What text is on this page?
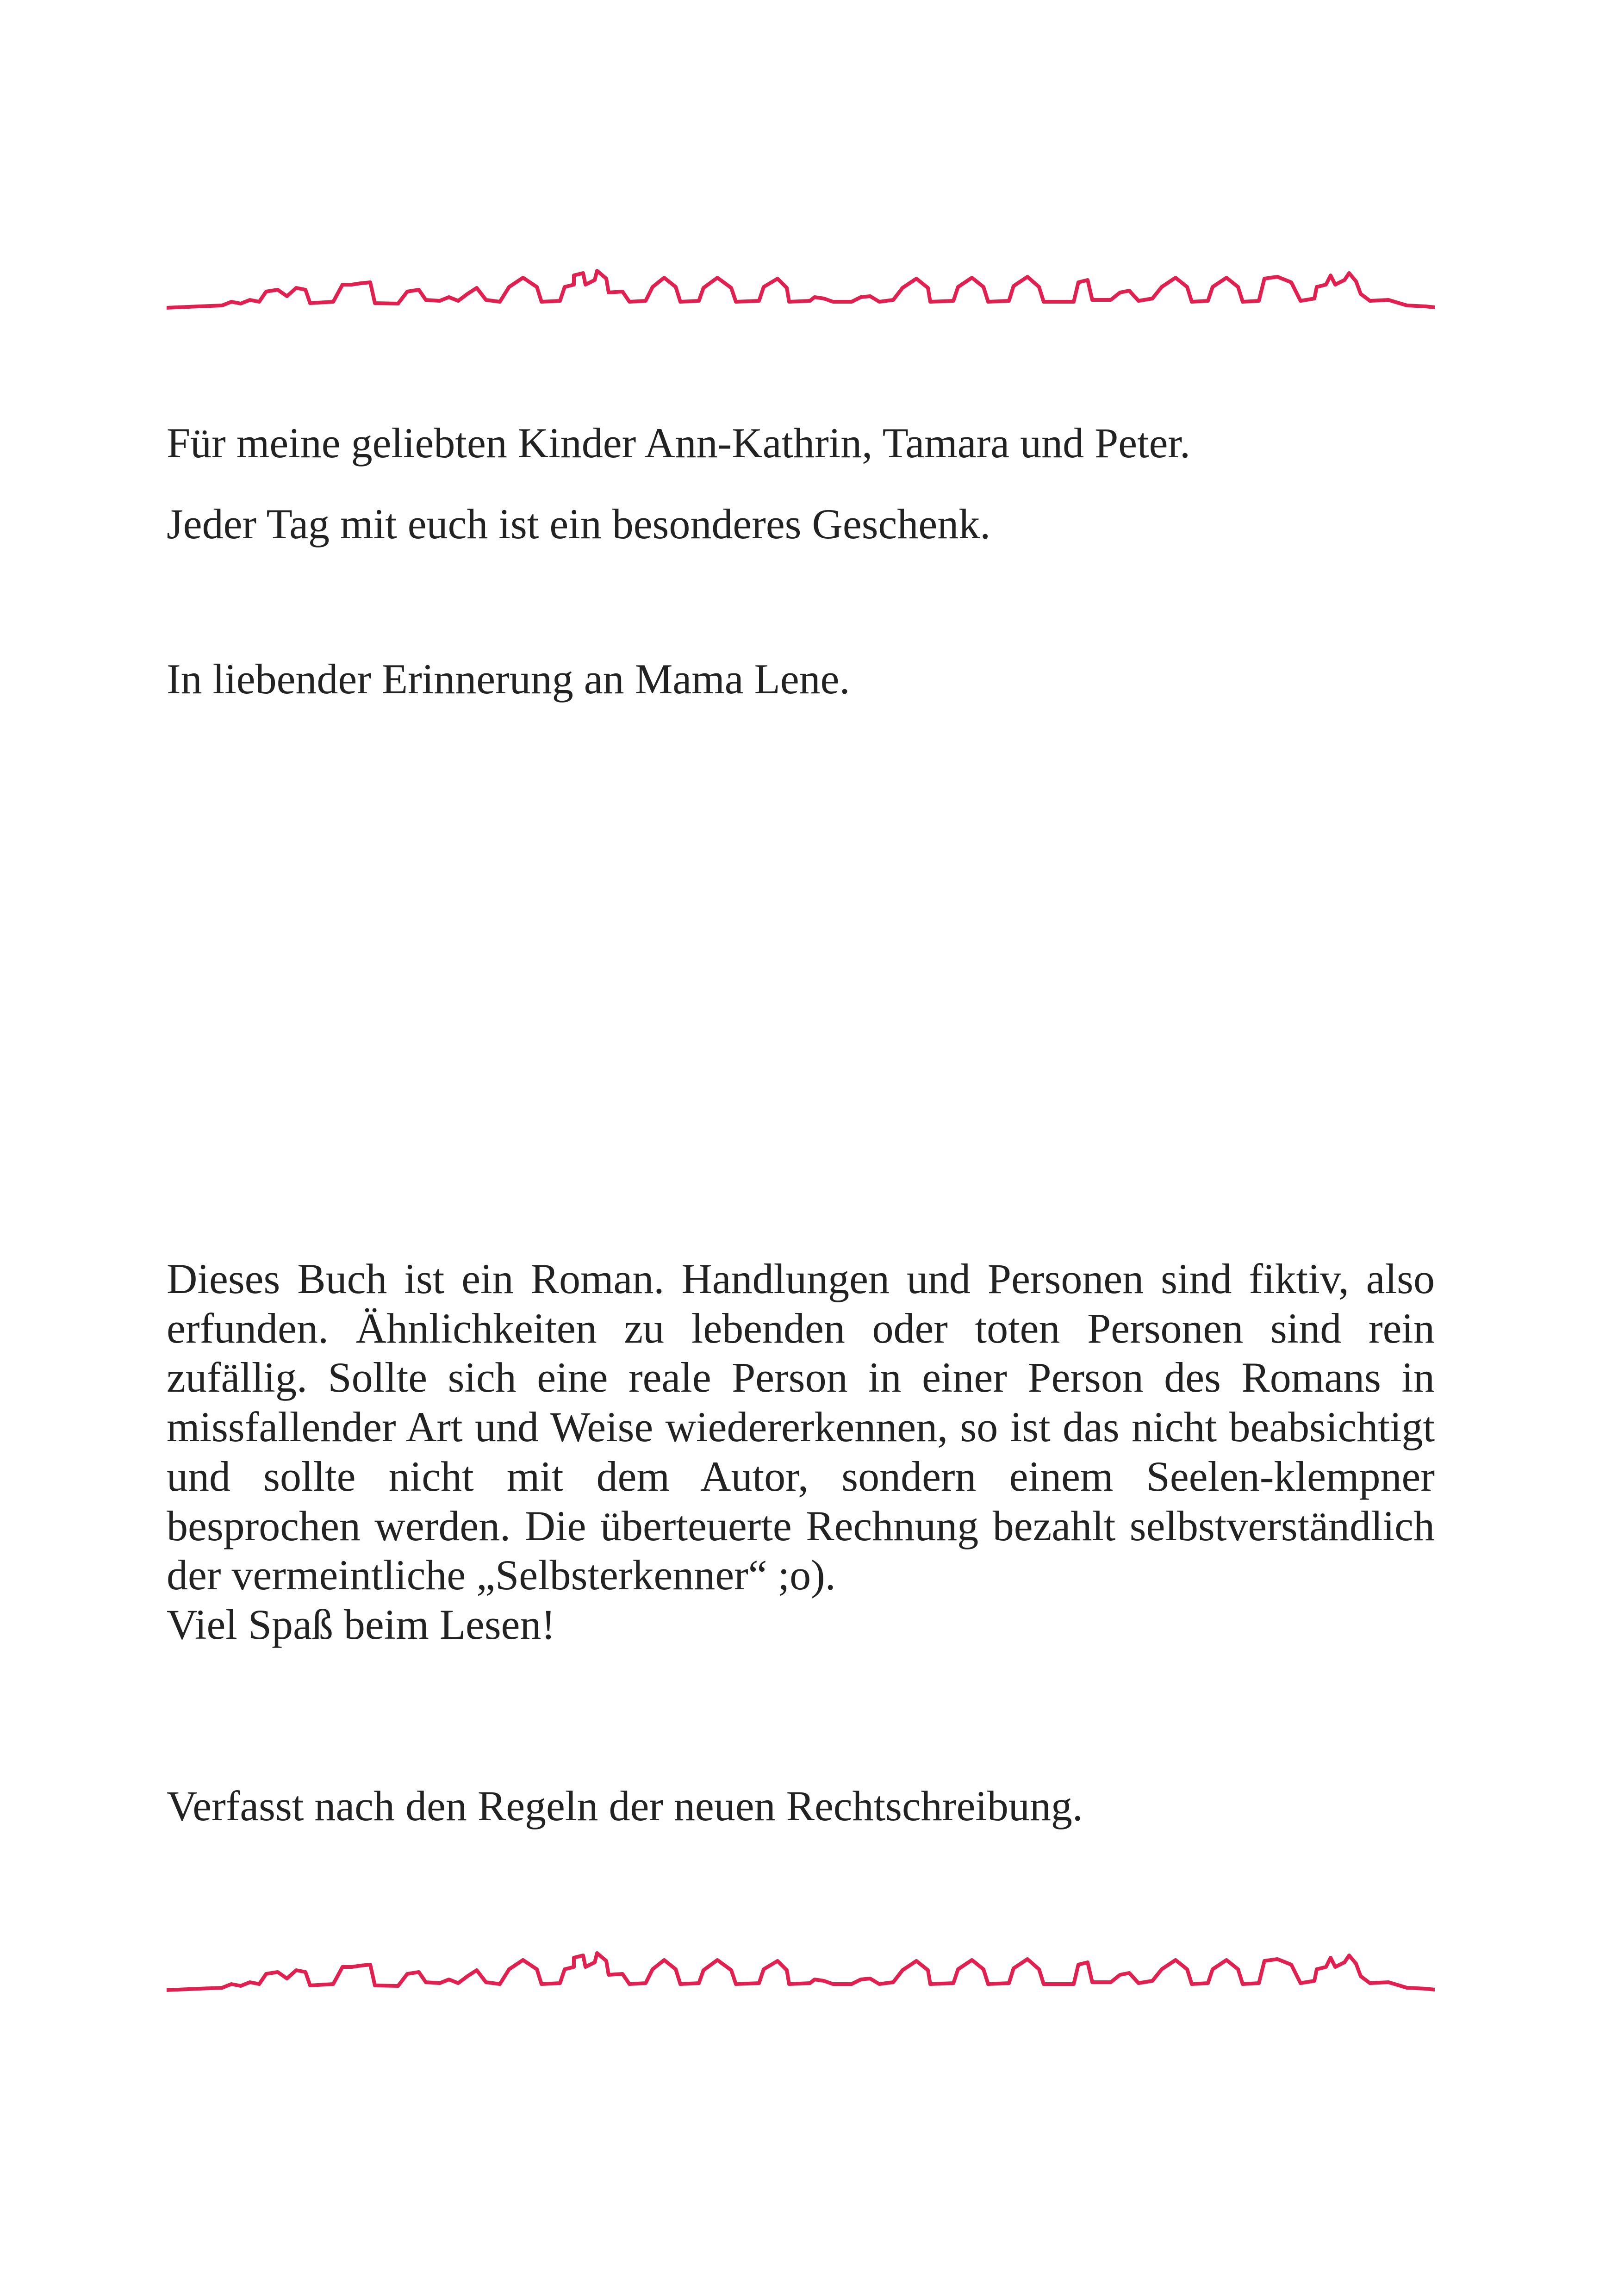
Für meine geliebten Kinder Ann-Kathrin, Tamara und Peter.

Jeder Tag mit euch ist ein besonderes Geschenk.

In liebender Erinnerung an Mama Lene.

Dieses Buch ist ein Roman. Handlungen und Personen sind fiktiv, also erfunden. Ähnlichkeiten zu lebenden oder toten Personen sind rein zufällig. Sollte sich eine reale Person in einer Person des Romans in missfallender Art und Weise wiedererkennen, so ist das nicht beabsichtigt und sollte nicht mit dem Autor, sondern einem Seelen-klempner besprochen werden. Die überteuerte Rechnung bezahlt selbstverständlich der vermeintliche „Selbsterkenner“ ;o).
Viel Spaß beim Lesen!

Verfasst nach den Regeln der neuen Rechtschreibung.
